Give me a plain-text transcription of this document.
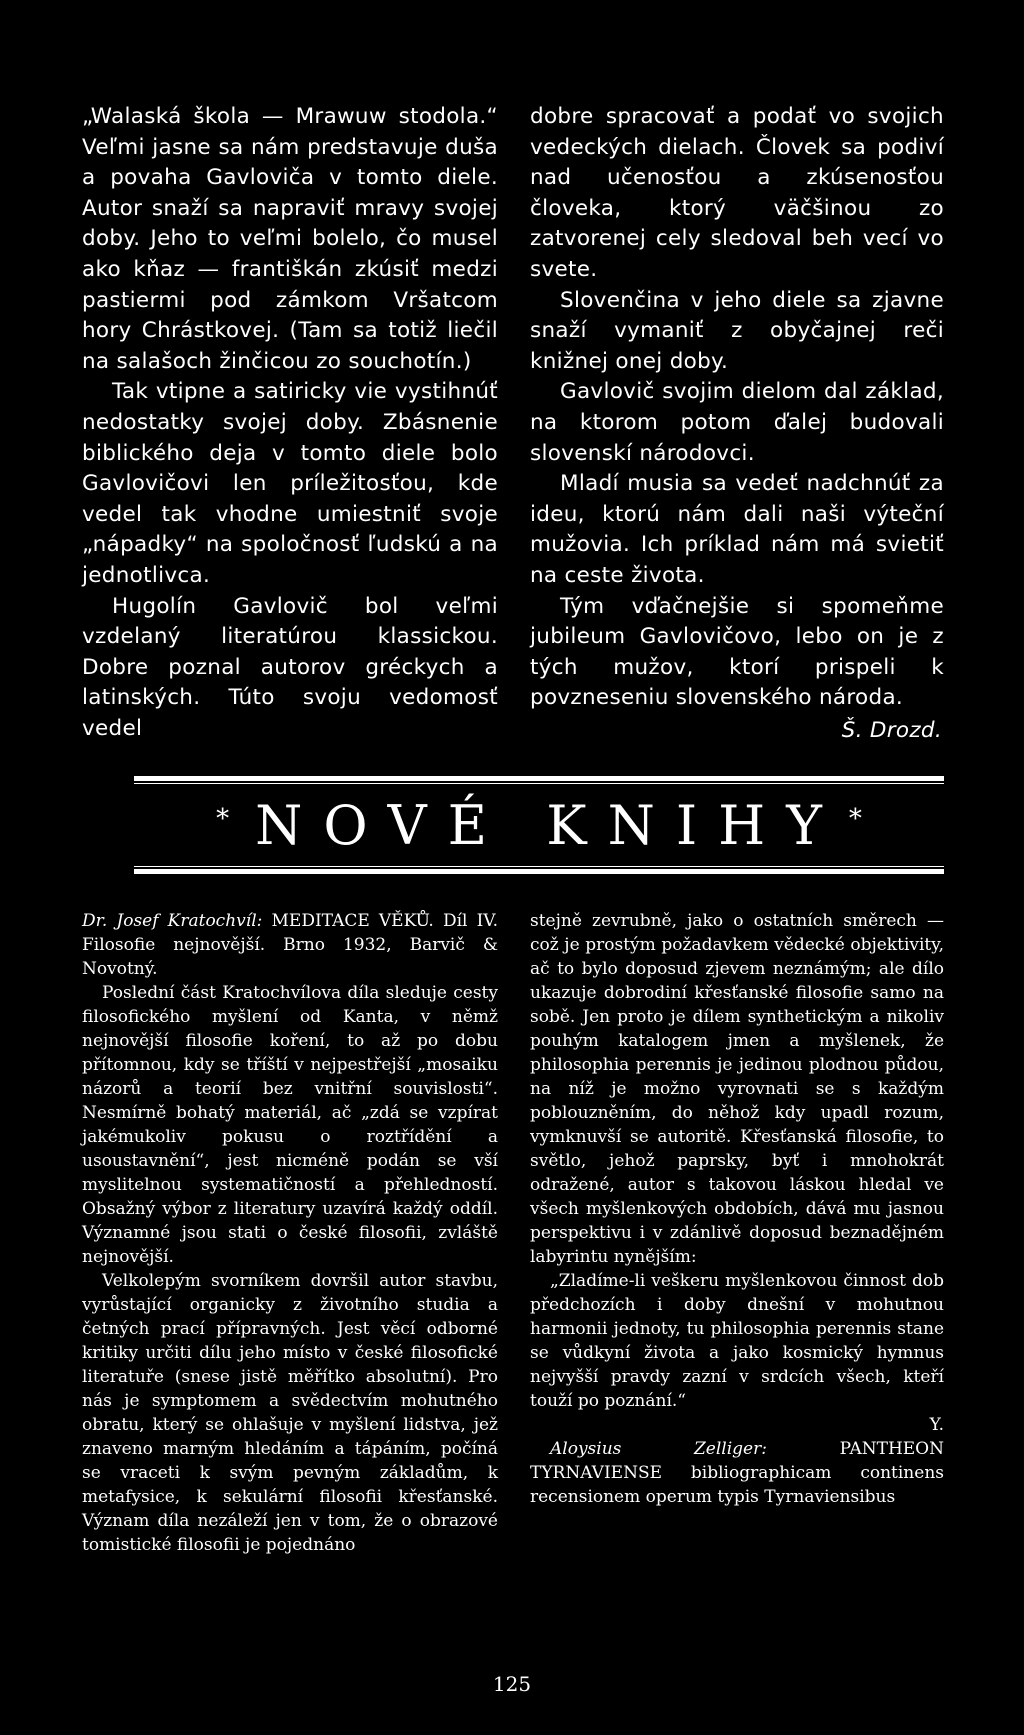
„Walaská škola — Mrawuw stodola.“ Veľmi jasne sa nám predstavuje duša a povaha Gavloviča v tomto diele. Autor snaží sa napraviť mravy svojej doby. Jeho to veľmi bolelo, čo musel ako kňaz — františkán zkúsiť medzi pastiermi pod zámkom Vršatcom hory Chrástkovej. (Tam sa totiž liečil na salašoch žinčicou zo souchotín.)

Tak vtipne a satiricky vie vystihnúť nedostatky svojej doby. Zbásnenie biblického deja v tomto diele bolo Gavlovičovi len príležitosťou, kde vedel tak vhodne umiestniť svoje „nápadky“ na spoločnosť ľudskú a na jednotlivca.

Hugolín Gavlovič bol veľmi vzdelaný literatúrou klassickou. Dobre poznal autorov gréckych a latinských. Túto svoju vedomosť vedel

dobre spracovať a podať vo svojich vedeckých dielach. Človek sa podiví nad učenosťou a zkúsenosťou človeka, ktorý väčšinou zo zatvorenej cely sledoval beh vecí vo svete.

Slovenčina v jeho diele sa zjavne snaží vymaniť z obyčajnej reči knižnej onej doby.

Gavlovič svojim dielom dal základ, na ktorom potom ďalej budovali slovenskí národovci.

Mladí musia sa vedeť nadchnúť za ideu, ktorú nám dali naši výteční mužovia. Ich príklad nám má svietiť na ceste života.

Tým vďačnejšie si spomeňme jubileum Gavlovičovo, lebo on je z tých mužov, ktorí prispeli k povzneseniu slovenského národa.

Š. Drozd.

* NOVÉ KNIHY *

Dr. Josef Kratochvíl: MEDITACE VĚKŮ. Díl IV. Filosofie nejnovější. Brno 1932, Barvič & Novotný.

Poslední část Kratochvílova díla sleduje cesty filosofického myšlení od Kanta, v němž nejnovější filosofie koření, to až po dobu přítomnou, kdy se tříští v nejpestřejší „mosaiku názorů a teorií bez vnitřní souvislosti“. Nesmírně bohatý materiál, ač „zdá se vzpírat jakémukoliv pokusu o roztřídění a usoustavnění“, jest nicméně podán se vší myslitelnou systematičností a přehledností. Obsažný výbor z literatury uzavírá každý oddíl. Významné jsou stati o české filosofii, zvláště nejnovější.

Velkolepým svorníkem dovršil autor stavbu, vyrůstající organicky z životního studia a četných prací přípravných. Jest věcí odborné kritiky určiti dílu jeho místo v české filosofické literatuře (snese jistě měřítko absolutní). Pro nás je symptomem a svědectvím mohutného obratu, který se ohlašuje v myšlení lidstva, jež znaveno marným hledáním a tápáním, počíná se vraceti k svým pevným základům, k metafysice, k sekulární filosofii křesťanské. Význam díla nezáleží jen v tom, že o obrazové tomistické filosofii je pojednáno

stejně zevrubně, jako o ostatních směrech — což je prostým požadavkem vědecké objektivity, ač to bylo doposud zjevem neznámým; ale dílo ukazuje dobrodiní křesťanské filosofie samo na sobě. Jen proto je dílem synthetickým a nikoliv pouhým katalogem jmen a myšlenek, že philosophia perennis je jedinou plodnou půdou, na níž je možno vyrovnati se s každým poblouzněním, do něhož kdy upadl rozum, vymknuvší se autoritě. Křesťanská filosofie, to světlo, jehož paprsky, byť i mnohokrát odražené, autor s takovou láskou hledal ve všech myšlenkových obdobích, dává mu jasnou perspektivu i v zdánlivě doposud beznadějném labyrintu nynějším:

„Zladíme-li veškeru myšlenkovou činnost dob předchozích i doby dnešní v mohutnou harmonii jednoty, tu philosophia perennis stane se vůdkyní života a jako kosmický hymnus nejvyšší pravdy zazní v srdcích všech, kteří touží po poznání.“

Y.

Aloysius Zelliger:	PANTHEON TYRNAVIENSE bibliographicam continens recensionem operum typis Tyrnaviensibus

125
